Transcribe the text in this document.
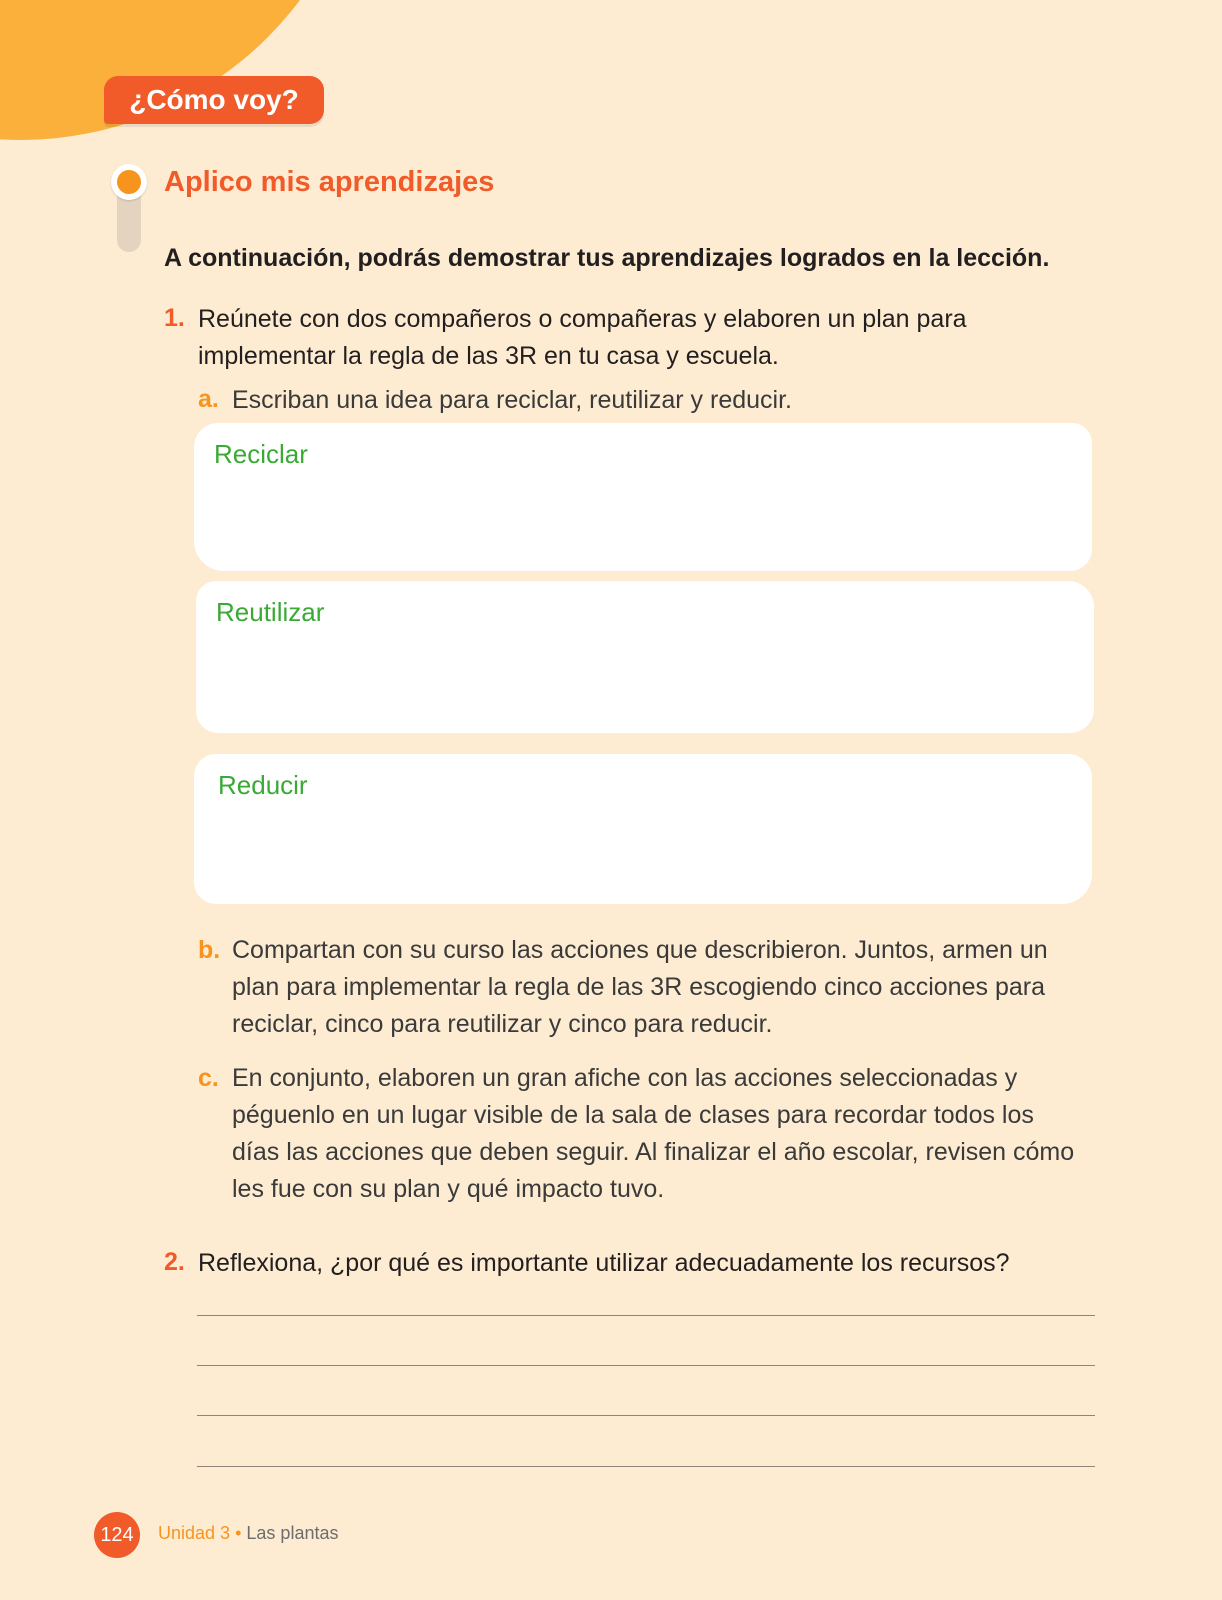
¿Cómo voy?
Aplico mis aprendizajes
A continuación, podrás demostrar tus aprendizajes logrados en la lección.
1. Reúnete con dos compañeros o compañeras y elaboren un plan para
implementar la regla de las 3R en tu casa y escuela.
a. Escriban una idea para reciclar, reutilizar y reducir.
Reciclar
Reutilizar
Reducir
b. Compartan con su curso las acciones que describieron. Juntos, armen un
plan para implementar la regla de las 3R escogiendo cinco acciones para
reciclar, cinco para reutilizar y cinco para reducir.
c. En conjunto, elaboren un gran afiche con las acciones seleccionadas y
péguenlo en un lugar visible de la sala de clases para recordar todos los
días las acciones que deben seguir. Al finalizar el año escolar, revisen cómo
les fue con su plan y qué impacto tuvo.
2. Reflexiona, ¿por qué es importante utilizar adecuadamente los recursos?
124	Unidad 3 • Las plantas
